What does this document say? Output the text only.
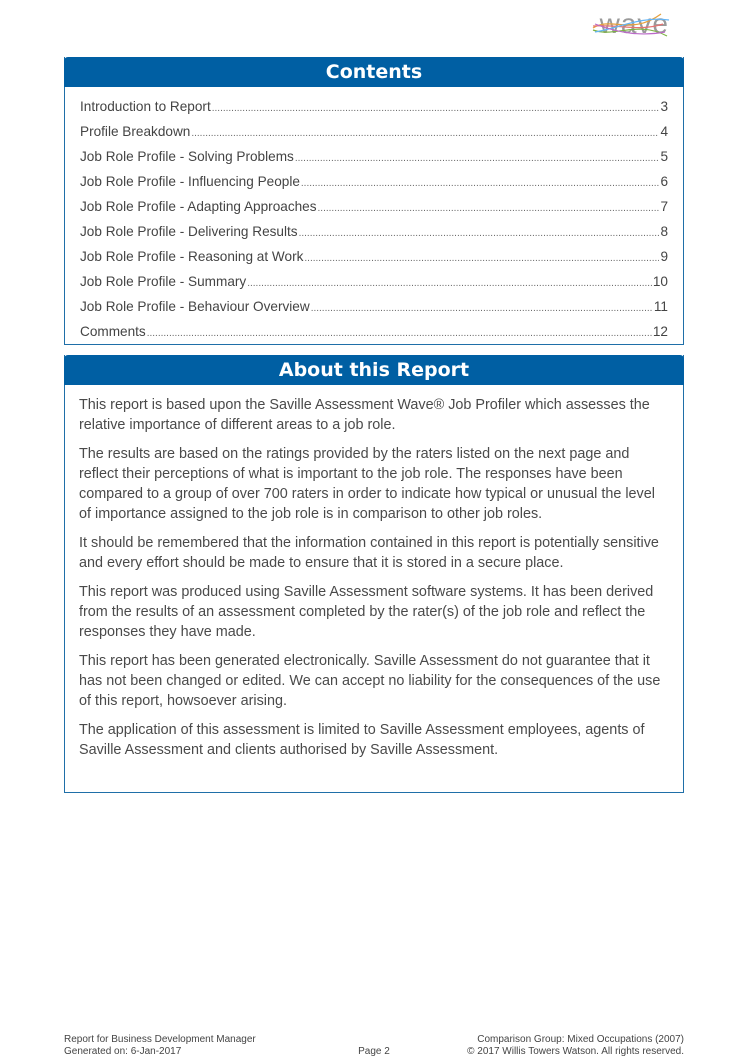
wave
Contents
Introduction to Report .....	3
Profile Breakdown .....	4
Job Role Profile - Solving Problems .....	5
Job Role Profile - Influencing People .....	6
Job Role Profile - Adapting Approaches .....	7
Job Role Profile - Delivering Results .....	8
Job Role Profile - Reasoning at Work .....	9
Job Role Profile - Summary .....	10
Job Role Profile - Behaviour Overview .....	11
Comments .....	12
About this Report

This report is based upon the Saville Assessment Wave® Job Profiler which assesses the relative importance of different areas to a job role.

The results are based on the ratings provided by the raters listed on the next page and reflect their perceptions of what is important to the job role. The responses have been compared to a group of over 700 raters in order to indicate how typical or unusual the level of importance assigned to the job role is in comparison to other job roles.

It should be remembered that the information contained in this report is potentially sensitive and every effort should be made to ensure that it is stored in a secure place.

This report was produced using Saville Assessment software systems. It has been derived from the results of an assessment completed by the rater(s) of the job role and reflect the responses they have made.

This report has been generated electronically. Saville Assessment do not guarantee that it has not been changed or edited. We can accept no liability for the consequences of the use of this report, howsoever arising.

The application of this assessment is limited to Saville Assessment employees, agents of Saville Assessment and clients authorised by Saville Assessment.

Report for Business Development Manager
Generated on: 6-Jan-2017	Page 2
Comparison Group: Mixed Occupations (2007)
© 2017 Willis Towers Watson. All rights reserved.
